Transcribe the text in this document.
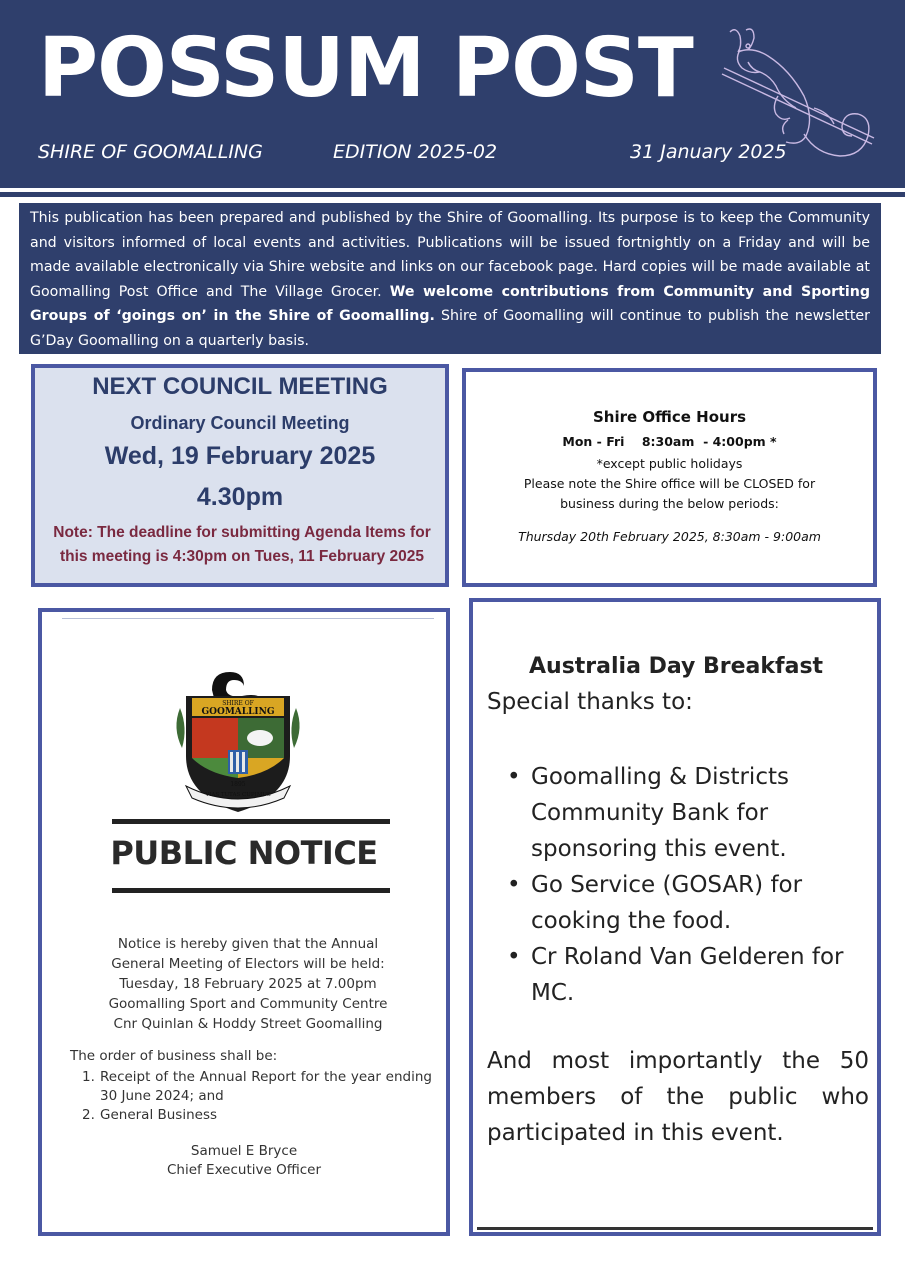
POSSUM POST
SHIRE OF GOOMALLING	EDITION 2025-02	31 January 2025
This publication has been prepared and published by the Shire of Goomalling. Its purpose is to keep the Community and visitors informed of local events and activities. Publications will be issued fortnightly on a Friday and will be made available electronically via Shire website and links on our facebook page. Hard copies will be made available at Goomalling Post Office and The Village Grocer. We welcome contributions from Community and Sporting Groups of ‘goings on’ in the Shire of Goomalling. Shire of Goomalling will continue to publish the newsletter G’Day Goomalling on a quarterly basis.
NEXT COUNCIL MEETING
Ordinary Council Meeting
Wed, 19 February 2025
4.30pm
Note: The deadline for submitting Agenda Items for this meeting is 4:30pm on Tues, 11 February 2025
Shire Office Hours
Mon - Fri    8:30am  - 4:00pm *
*except public holidays
Please note the Shire office will be CLOSED for
business during the below periods:
Thursday 20th February 2025, 8:30am - 9:00am
SHIRE OF
GOOMALLING
1895
VIAS TUTAS CUPIMUS
PUBLIC NOTICE
Notice is hereby given that the Annual
General Meeting of Electors will be held:
Tuesday, 18 February 2025 at 7.00pm
Goomalling Sport and Community Centre
Cnr Quinlan & Hoddy Street Goomalling
The order of business shall be:
1. Receipt of the Annual Report for the year ending 30 June 2024; and
2. General Business
Samuel E Bryce
Chief Executive Officer
Australia Day Breakfast
Special thanks to:
• Goomalling & Districts Community Bank for sponsoring this event.
• Go Service (GOSAR) for cooking the food.
• Cr Roland Van Gelderen for MC.
And most importantly the 50 members of the public who participated in this event.
